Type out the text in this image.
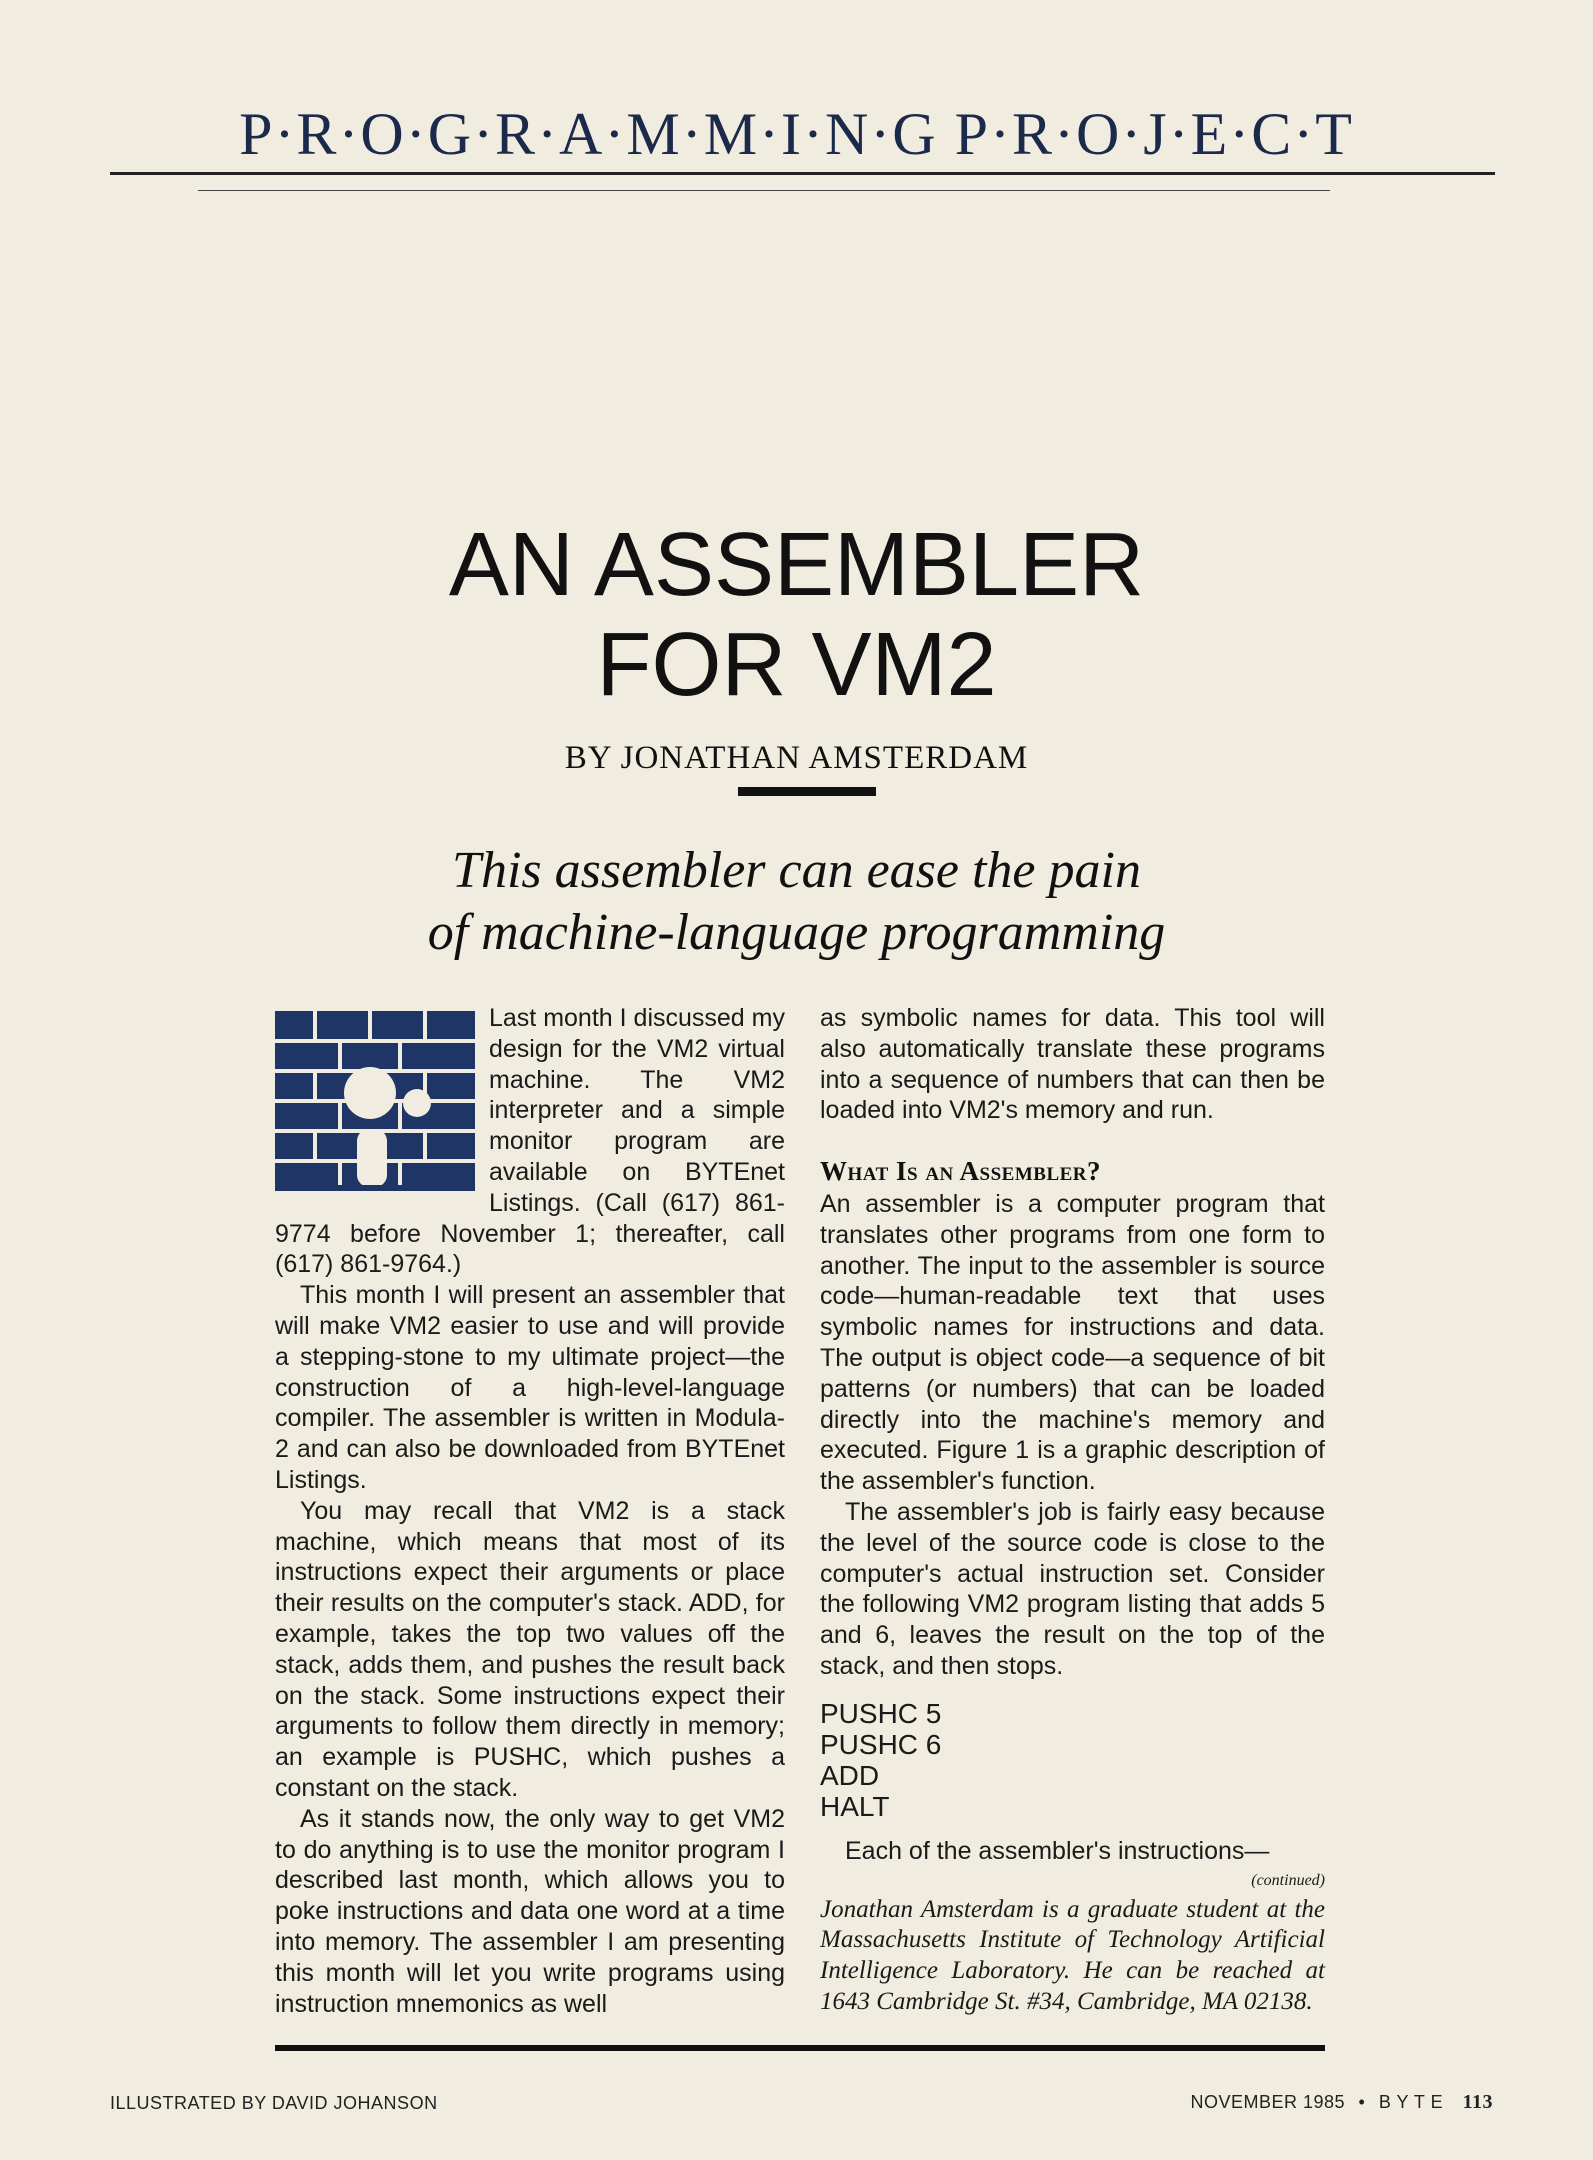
P·R·O·G·R·A·M·M·I·N·G P·R·O·J·E·C·T
AN ASSEMBLER
FOR VM2
BY JONATHAN AMSTERDAM
This assembler can ease the pain
of machine-language programming

Last month I discussed my design for the VM2 virtual machine. The VM2 interpreter and a simple monitor program are available on BYTEnet Listings. (Call (617) 861-9774 before November 1; thereafter, call (617) 861-9764.)

This month I will present an assembler that will make VM2 easier to use and will provide a stepping-stone to my ultimate project—the construction of a high-level-language compiler. The assembler is written in Modula-2 and can also be downloaded from BYTEnet Listings.

You may recall that VM2 is a stack machine, which means that most of its instructions expect their arguments or place their results on the computer's stack. ADD, for example, takes the top two values off the stack, adds them, and pushes the result back on the stack. Some instructions expect their arguments to follow them directly in memory; an example is PUSHC, which pushes a constant on the stack.

As it stands now, the only way to get VM2 to do anything is to use the monitor program I described last month, which allows you to poke instructions and data one word at a time into memory. The assembler I am presenting this month will let you write programs using instruction mnemonics as well

as symbolic names for data. This tool will also automatically translate these programs into a sequence of numbers that can then be loaded into VM2's memory and run.

What Is an Assembler?

An assembler is a computer program that translates other programs from one form to another. The input to the assembler is source code—human-readable text that uses symbolic names for instructions and data. The output is object code—a sequence of bit patterns (or numbers) that can be loaded directly into the machine's memory and executed. Figure 1 is a graphic description of the assembler's function.

The assembler's job is fairly easy because the level of the source code is close to the computer's actual instruction set. Consider the following VM2 program listing that adds 5 and 6, leaves the result on the top of the stack, and then stops.

PUSHC 5
PUSHC 6
ADD
HALT

Each of the assembler's instructions—

(continued)
Jonathan Amsterdam is a graduate student at the Massachusetts Institute of Technology Artificial Intelligence Laboratory. He can be reached at 1643 Cambridge St. #34, Cambridge, MA 02138.
ILLUSTRATED BY DAVID JOHANSON	NOVEMBER 1985 • B Y T E 113
